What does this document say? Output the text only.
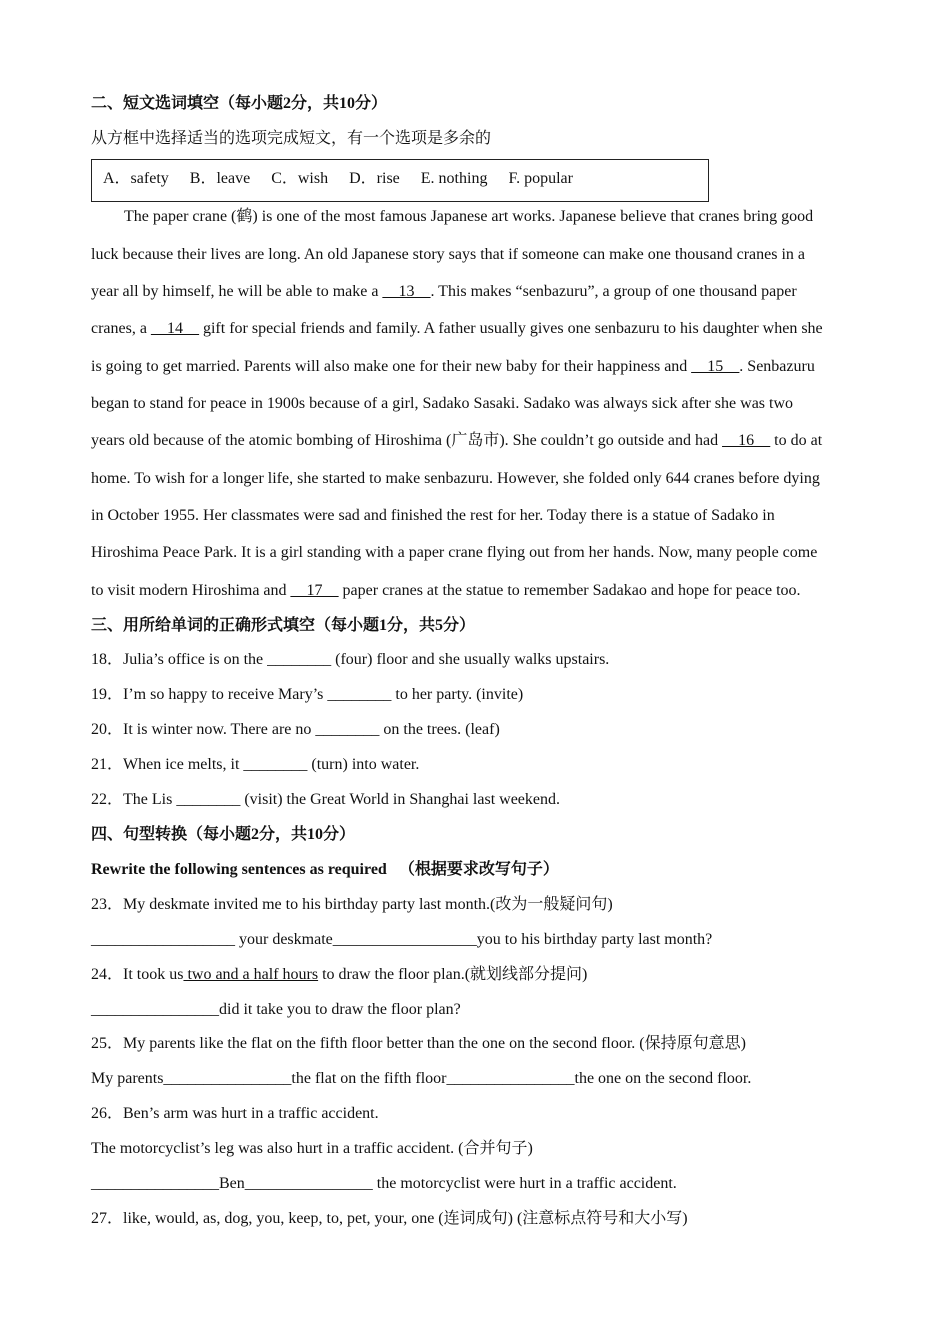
二、短文选词填空（每小题2分，共10分）
从方框中选择适当的选项完成短文，有一个选项是多余的
A．safety B．leave C．wish D．rise E. nothing F. popular
The paper crane (鹤) is one of the most famous Japanese art works. Japanese believe that cranes bring good
luck because their lives are long. An old Japanese story says that if someone can make one thousand cranes in a
year all by himself, he will be able to make a __13__. This makes “senbazuru”, a group of one thousand paper
cranes, a __14__ gift for special friends and family. A father usually gives one senbazuru to his daughter when she
is going to get married. Parents will also make one for their new baby for their happiness and __15__. Senbazuru
began to stand for peace in 1900s because of a girl, Sadako Sasaki. Sadako was always sick after she was two
years old because of the atomic bombing of Hiroshima (广岛市). She couldn’t go outside and had __16__ to do at
home. To wish for a longer life, she started to make senbazuru. However, she folded only 644 cranes before dying
in October 1955. Her classmates were sad and finished the rest for her. Today there is a statue of Sadako in
Hiroshima Peace Park. It is a girl standing with a paper crane flying out from her hands. Now, many people come
to visit modern Hiroshima and __17__ paper cranes at the statue to remember Sadakao and hope for peace too.
三、用所给单词的正确形式填空（每小题1分，共5分）
18．Julia’s office is on the ________ (four) floor and she usually walks upstairs.
19．I’m so happy to receive Mary’s ________ to her party. (invite)
20．It is winter now. There are no ________ on the trees. (leaf)
21．When ice melts, it ________ (turn) into water.
22．The Lis ________ (visit) the Great World in Shanghai last weekend.
四、句型转换（每小题2分，共10分）
Rewrite the following sentences as required （根据要求改写句子）
23．My deskmate invited me to his birthday party last month.(改为一般疑问句)
__________________ your deskmate__________________you to his birthday party last month?
24．It took us two and a half hours to draw the floor plan.(就划线部分提问)
________________did it take you to draw the floor plan?
25．My parents like the flat on the fifth floor better than the one on the second floor. (保持原句意思)
My parents________________the flat on the fifth floor________________the one on the second floor.
26．Ben’s arm was hurt in a traffic accident.
The motorcyclist’s leg was also hurt in a traffic accident. (合并句子)
________________Ben________________ the motorcyclist were hurt in a traffic accident.
27．like, would, as, dog, you, keep, to, pet, your, one (连词成句) (注意标点符号和大小写)
